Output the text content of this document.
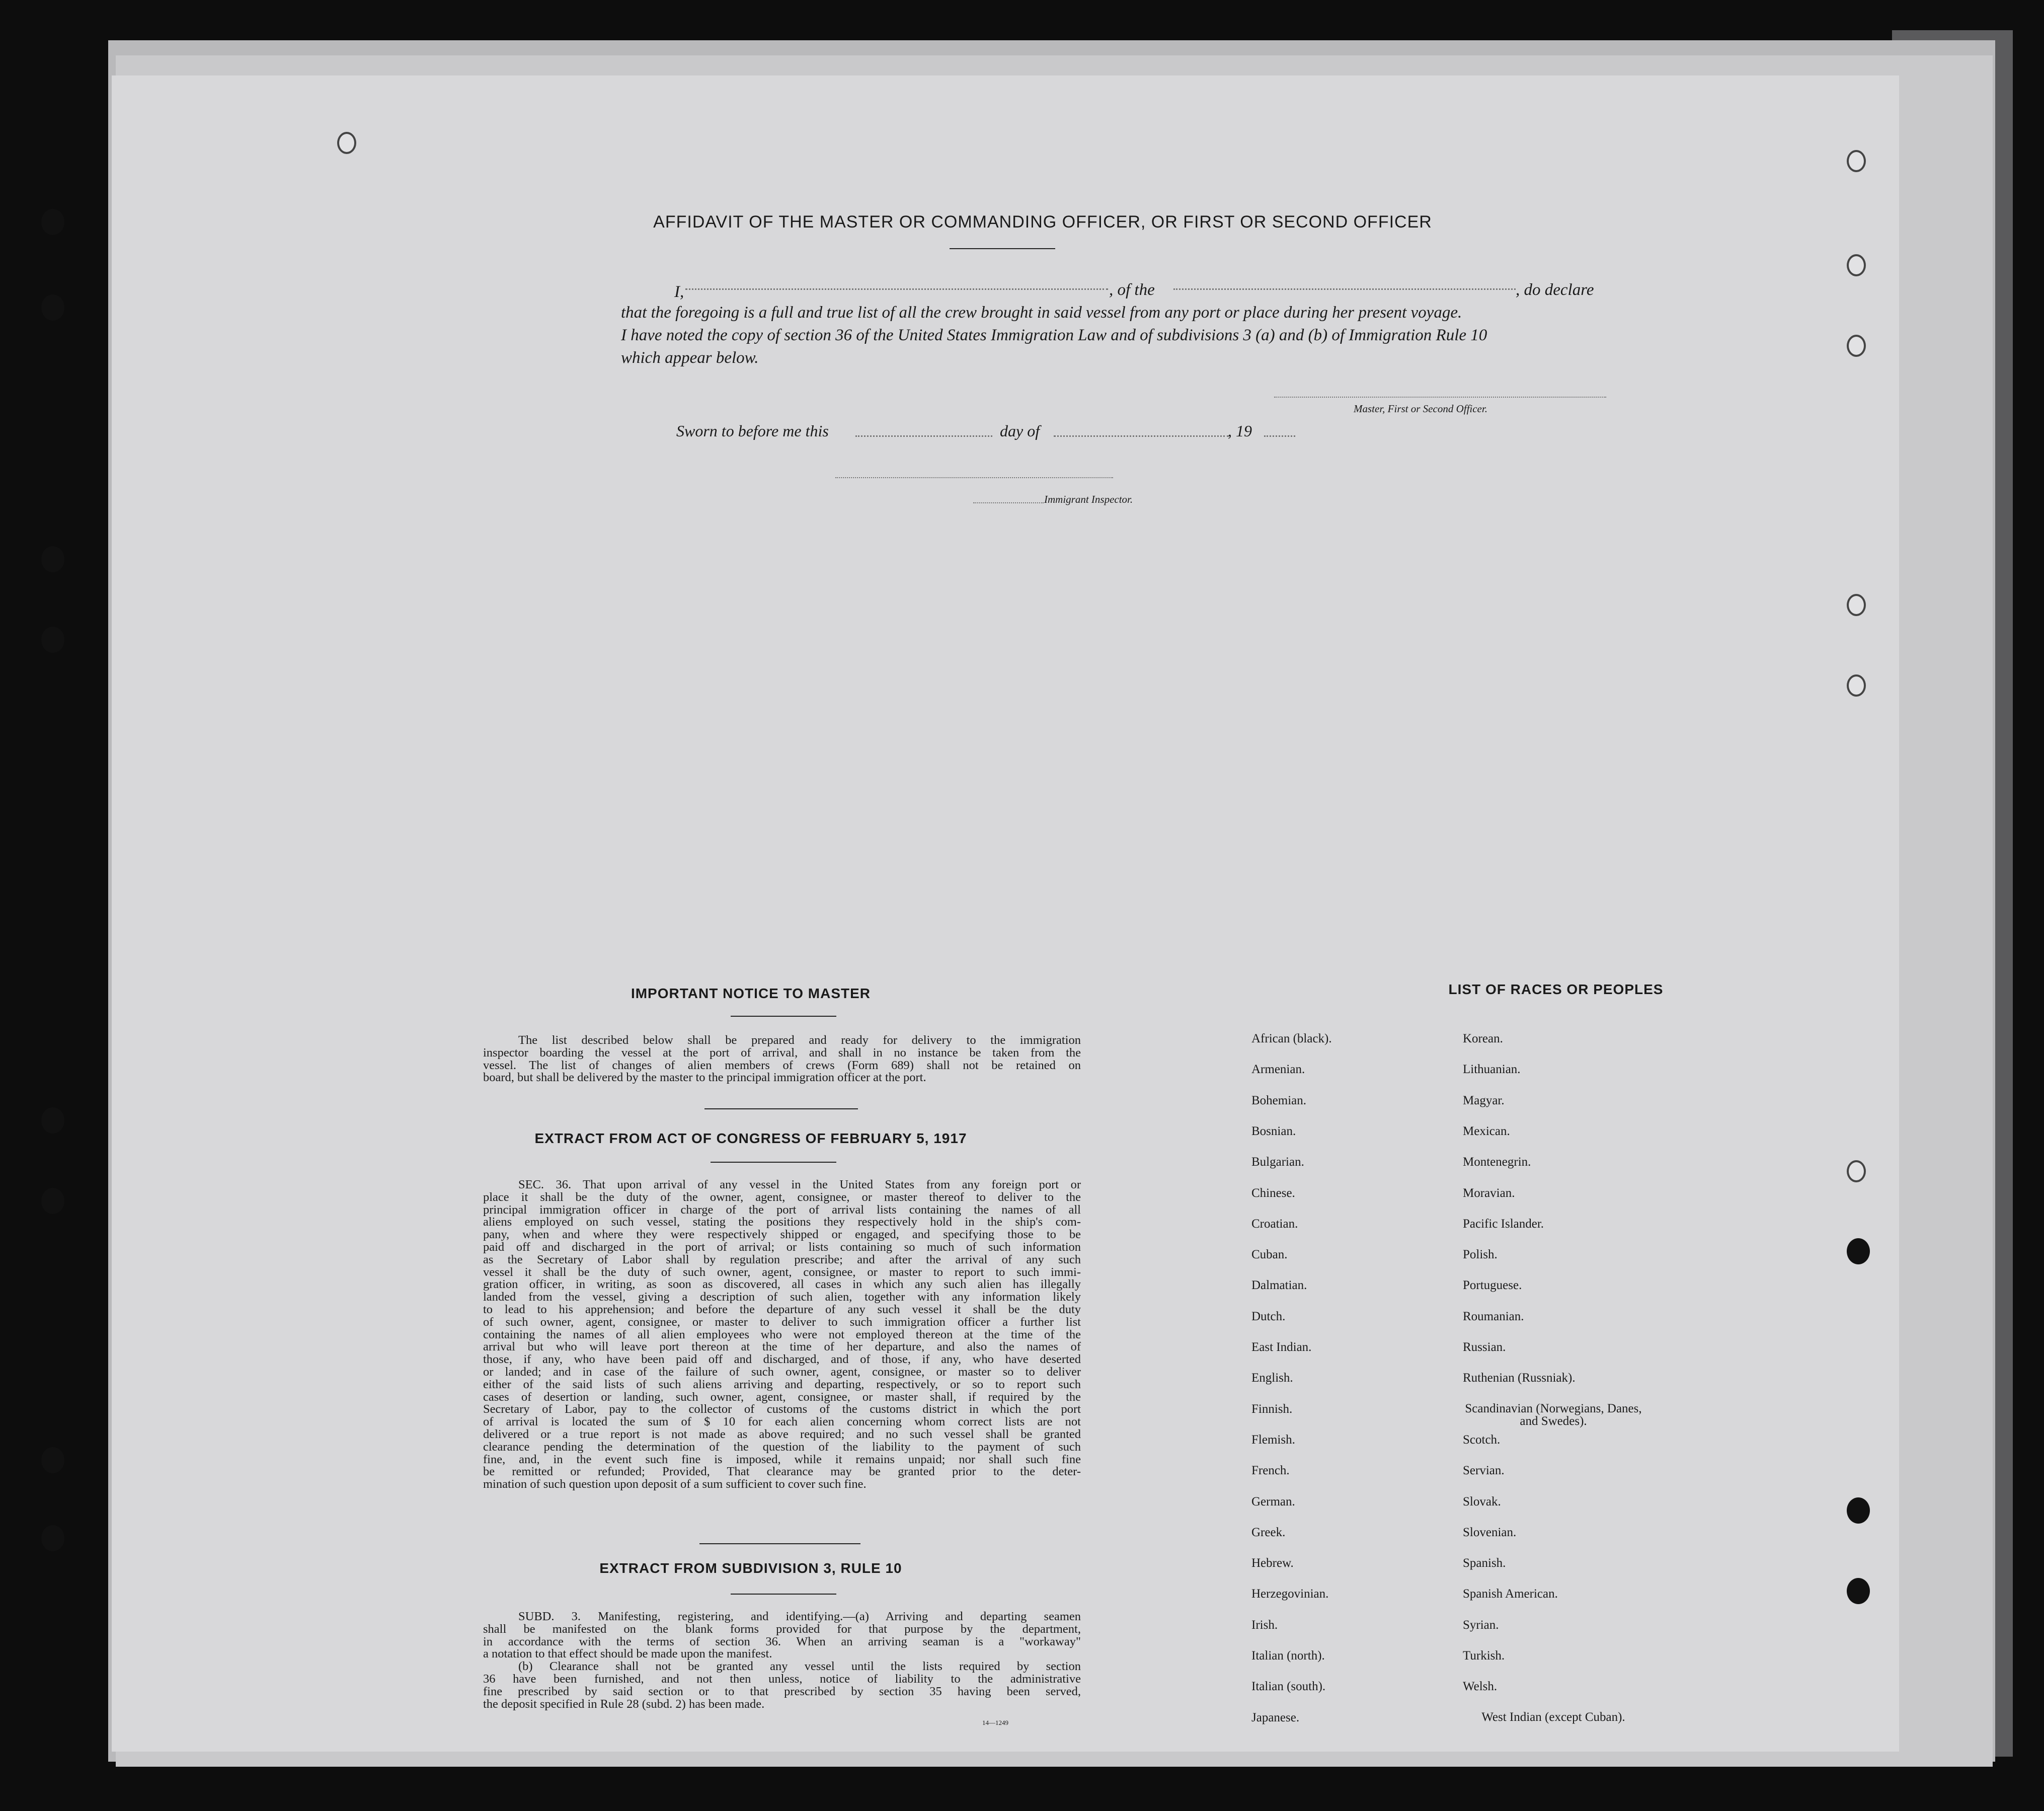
AFFIDAVIT OF THE MASTER OR COMMANDING OFFICER, OR FIRST OR SECOND OFFICER
I,	, of the	, do declare
that the foregoing is a full and true list of all the crew brought in said vessel from any port or place during her present voyage.
I have noted the copy of section 36 of the United States Immigration Law and of subdivisions 3 (a) and (b) of Immigration Rule 10
which appear below.
Master, First or Second Officer.
Sworn to before me this	day of	, 19
Immigrant Inspector.
IMPORTANT NOTICE TO MASTER

The list described below shall be prepared and ready for delivery to the immigration

inspector boarding the vessel at the port of arrival, and shall in no instance be taken from the

vessel. The list of changes of alien members of crews (Form 689) shall not be retained on

board, but shall be delivered by the master to the principal immigration officer at the port.

EXTRACT FROM ACT OF CONGRESS OF FEBRUARY 5, 1917

SEC. 36. That upon arrival of any vessel in the United States from any foreign port or

place it shall be the duty of the owner, agent, consignee, or master thereof to deliver to the

principal immigration officer in charge of the port of arrival lists containing the names of all

aliens employed on such vessel, stating the positions they respectively hold in the ship's com-

pany, when and where they were respectively shipped or engaged, and specifying those to be

paid off and discharged in the port of arrival; or lists containing so much of such information

as the Secretary of Labor shall by regulation prescribe; and after the arrival of any such

vessel it shall be the duty of such owner, agent, consignee, or master to report to such immi-

gration officer, in writing, as soon as discovered, all cases in which any such alien has illegally

landed from the vessel, giving a description of such alien, together with any information likely

to lead to his apprehension; and before the departure of any such vessel it shall be the duty

of such owner, agent, consignee, or master to deliver to such immigration officer a further list

containing the names of all alien employees who were not employed thereon at the time of the

arrival but who will leave port thereon at the time of her departure, and also the names of

those, if any, who have been paid off and discharged, and of those, if any, who have deserted

or landed; and in case of the failure of such owner, agent, consignee, or master so to deliver

either of the said lists of such aliens arriving and departing, respectively, or so to report such

cases of desertion or landing, such owner, agent, consignee, or master shall, if required by the

Secretary of Labor, pay to the collector of customs of the customs district in which the port

of arrival is located the sum of $ 10 for each alien concerning whom correct lists are not

delivered or a true report is not made as above required; and no such vessel shall be granted

clearance pending the determination of the question of the liability to the payment of such

fine, and, in the event such fine is imposed, while it remains unpaid; nor shall such fine

be remitted or refunded; Provided, That clearance may be granted prior to the deter-

mination of such question upon deposit of a sum sufficient to cover such fine.

EXTRACT FROM SUBDIVISION 3, RULE 10

SUBD. 3. Manifesting, registering, and identifying.—(a) Arriving and departing seamen

shall be manifested on the blank forms provided for that purpose by the department,

in accordance with the terms of section 36. When an arriving seaman is a "workaway"

a notation to that effect should be made upon the manifest.

(b) Clearance shall not be granted any vessel until the lists required by section

36 have been furnished, and not then unless, notice of liability to the administrative

fine prescribed by said section or to that prescribed by section 35 having been served,

the deposit specified in Rule 28 (subd. 2) has been made.

14—1249
LIST OF RACES OR PEOPLES
African (black).
Armenian.
Bohemian.
Bosnian.
Bulgarian.
Chinese.
Croatian.
Cuban.
Dalmatian.
Dutch.
East Indian.
English.
Finnish.
Flemish.
French.
German.
Greek.
Hebrew.
Herzegovinian.
Irish.
Italian (north).
Italian (south).
Japanese.
Korean.
Lithuanian.
Magyar.
Mexican.
Montenegrin.
Moravian.
Pacific Islander.
Polish.
Portuguese.
Roumanian.
Russian.
Ruthenian (Russniak).
Scandinavian (Norwegians, Danes, and Swedes).
Scotch.
Servian.
Slovak.
Slovenian.
Spanish.
Spanish American.
Syrian.
Turkish.
Welsh.
West Indian (except Cuban).
